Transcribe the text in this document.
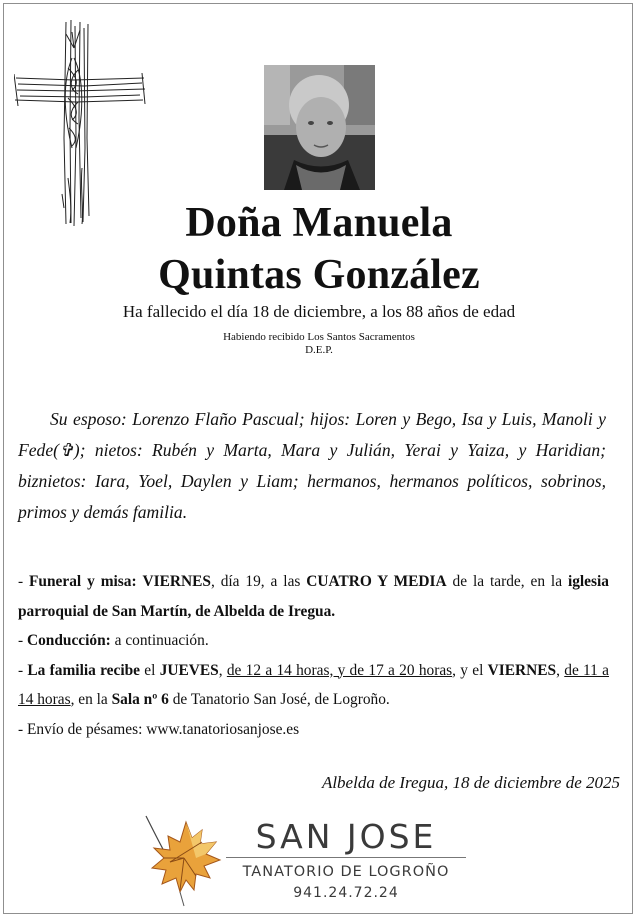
Doña Manuela
Quintas González
Ha fallecido el día 18 de diciembre, a los 88 años de edad
Habiendo recibido Los Santos Sacramentos
D.E.P.

Su esposo: Lorenzo Flaño Pascual; hijos: Loren y Bego, Isa y Luis, Manoli y Fede(✞); nietos: Rubén y Marta, Mara y Julián, Yerai y Yaiza, y Haridian; biznietos: Iara, Yoel, Daylen y Liam; hermanos, hermanos políticos, sobrinos, primos y demás familia.

- Funeral y misa: VIERNES, día 19, a las CUATRO Y MEDIA de la tarde, en la iglesia parroquial de San Martín, de Albelda de Iregua.

- Conducción: a continuación.

- La familia recibe el JUEVES, de 12 a 14 horas, y de 17 a 20 horas, y el VIERNES, de 11 a 14 horas, en la Sala nº 6 de Tanatorio San José, de Logroño.

- Envío de pésames: www.tanatoriosanjose.es

Albelda de Iregua, 18 de diciembre de 2025
SAN JOSE
TANATORIO DE LOGROÑO
941.24.72.24
